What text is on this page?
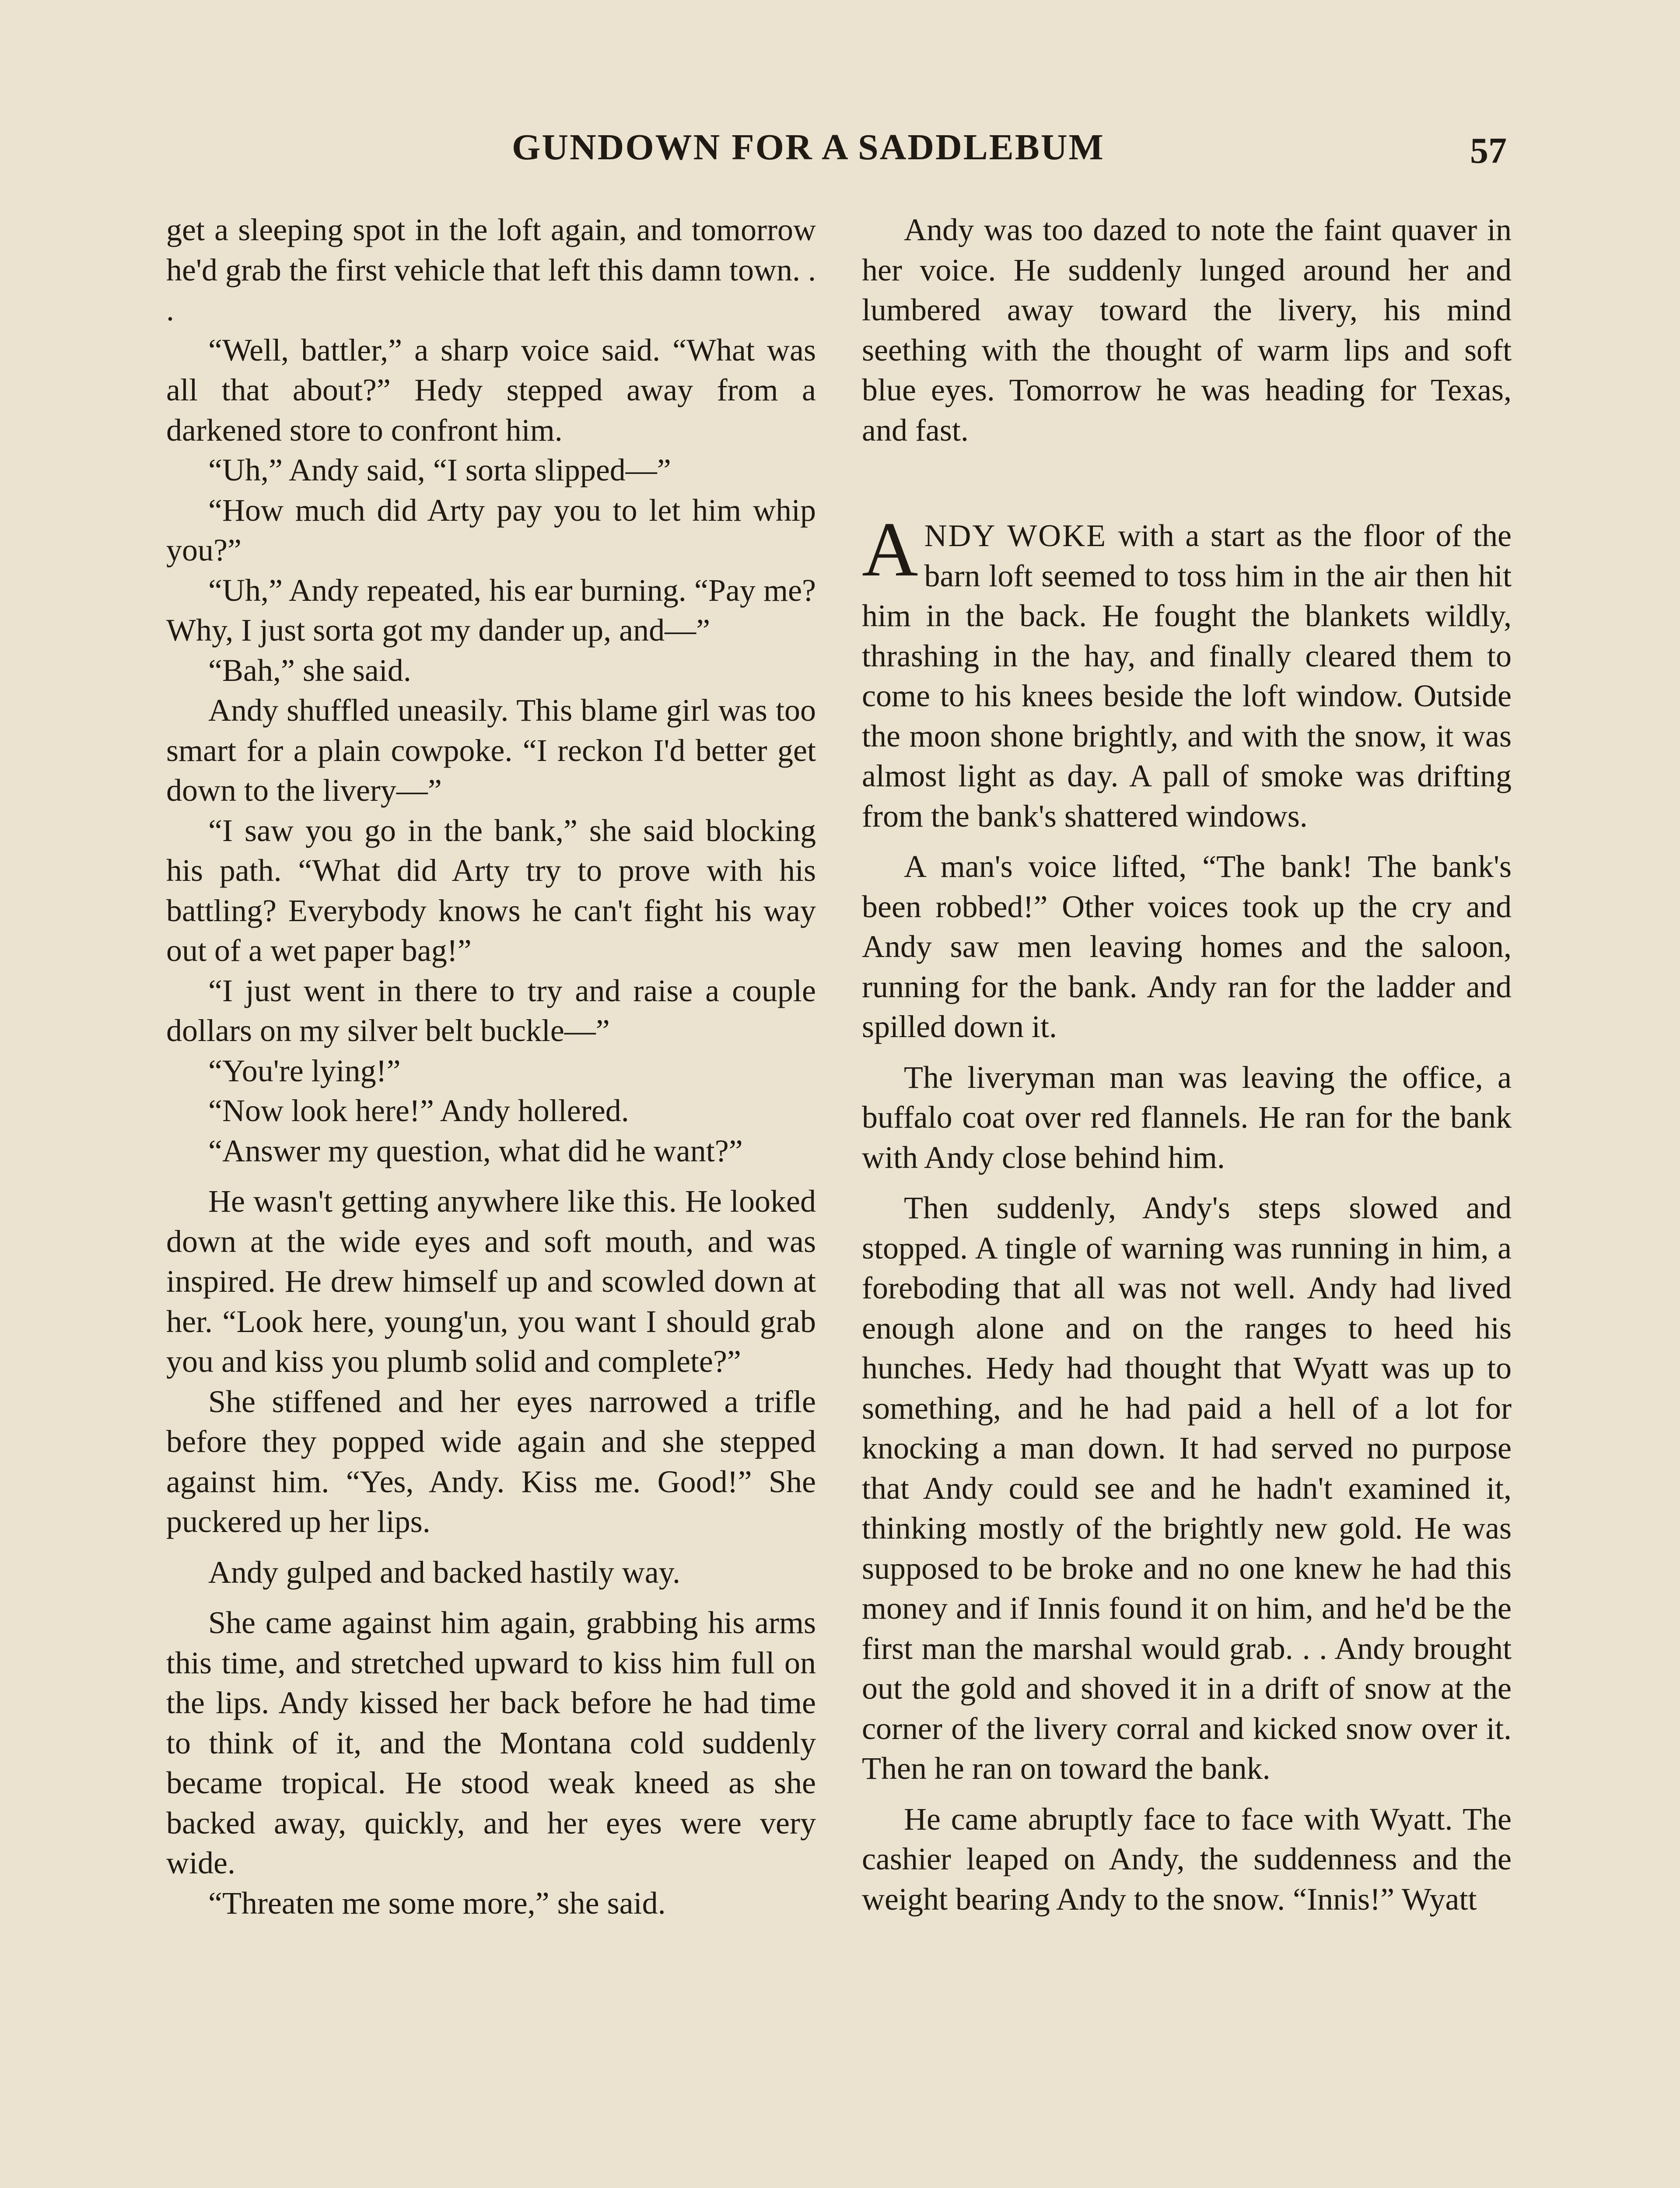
GUNDOWN FOR A SADDLEBUM	57

get a sleeping spot in the loft again, and tomorrow he'd grab the first vehicle that left this damn town. . .

“Well, battler,” a sharp voice said. “What was all that about?” Hedy stepped away from a darkened store to confront him.

“Uh,” Andy said, “I sorta slipped—”

“How much did Arty pay you to let him whip you?”

“Uh,” Andy repeated, his ear burning. “Pay me? Why, I just sorta got my dander up, and—”

“Bah,” she said.

Andy shuffled uneasily. This blame girl was too smart for a plain cowpoke. “I reckon I'd better get down to the livery—”

“I saw you go in the bank,” she said blocking his path. “What did Arty try to prove with his battling? Everybody knows he can't fight his way out of a wet paper bag!”

“I just went in there to try and raise a couple dollars on my silver belt buckle—”

“You're lying!”

“Now look here!” Andy hollered.

“Answer my question, what did he want?”

He wasn't getting anywhere like this. He looked down at the wide eyes and soft mouth, and was inspired. He drew himself up and scowled down at her. “Look here, young'un, you want I should grab you and kiss you plumb solid and complete?”

She stiffened and her eyes narrowed a trifle before they popped wide again and she stepped against him. “Yes, Andy. Kiss me. Good!” She puckered up her lips.

Andy gulped and backed hastily way.

She came against him again, grabbing his arms this time, and stretched upward to kiss him full on the lips. Andy kissed her back before he had time to think of it, and the Montana cold suddenly became tropical. He stood weak kneed as she backed away, quickly, and her eyes were very wide.

“Threaten me some more,” she said.

Andy was too dazed to note the faint quaver in her voice. He suddenly lunged around her and lumbered away toward the livery, his mind seething with the thought of warm lips and soft blue eyes. Tomorrow he was heading for Texas, and fast.

ANDY WOKE with a start as the floor of the barn loft seemed to toss him in the air then hit him in the back. He fought the blankets wildly, thrashing in the hay, and finally cleared them to come to his knees beside the loft window. Outside the moon shone brightly, and with the snow, it was almost light as day. A pall of smoke was drifting from the bank's shattered windows.

A man's voice lifted, “The bank! The bank's been robbed!” Other voices took up the cry and Andy saw men leaving homes and the saloon, running for the bank. Andy ran for the ladder and spilled down it.

The liveryman man was leaving the office, a buffalo coat over red flannels. He ran for the bank with Andy close behind him.

Then suddenly, Andy's steps slowed and stopped. A tingle of warning was running in him, a foreboding that all was not well. Andy had lived enough alone and on the ranges to heed his hunches. Hedy had thought that Wyatt was up to something, and he had paid a hell of a lot for knocking a man down. It had served no purpose that Andy could see and he hadn't examined it, thinking mostly of the brightly new gold. He was supposed to be broke and no one knew he had this money and if Innis found it on him, and he'd be the first man the marshal would grab. . . Andy brought out the gold and shoved it in a drift of snow at the corner of the livery corral and kicked snow over it. Then he ran on toward the bank.

He came abruptly face to face with Wyatt. The cashier leaped on Andy, the suddenness and the weight bearing Andy to the snow. “Innis!” Wyatt
